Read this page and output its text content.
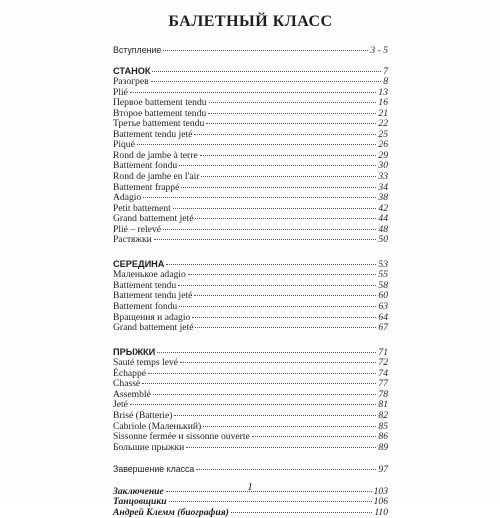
БАЛЕТНЫЙ КЛАСС
Вступление	3 - 5
СТАНОК	7
Разогрев	8
Plié	13
Первое battement tendu	16
Второе battement tendu	21
Третье battement tendu	22
Battement tendu jeté	25
Piqué	26
Rond de jambe à terre	29
Battement fondu	30
Rond de jambe en l'air	33
Battement frappé	34
Adagio	38
Petit battement	42
Grand battement jeté	44
Plié – relevé	48
Растяжки	50
СЕРЕДИНА	53
Маленькое adagio	55
Battement tendu	58
Battement tendu jeté	60
Battement fondu	63
Вращения и adagio	64
Grand battement jeté	67
ПРЫЖКИ	71
Sauté temps levé	72
Échappé	74
Chassé	77
Assemblé	78
Jeté	81
Brisé (Batterie)	82
Cabriole (Маленький)	85
Sissonne fermée и sissonne ouverte	86
Большие прыжки	89
Завершение класса	97
Заключение	103
Танцовщики	106
Андрей Клемм (биография)	110
1
